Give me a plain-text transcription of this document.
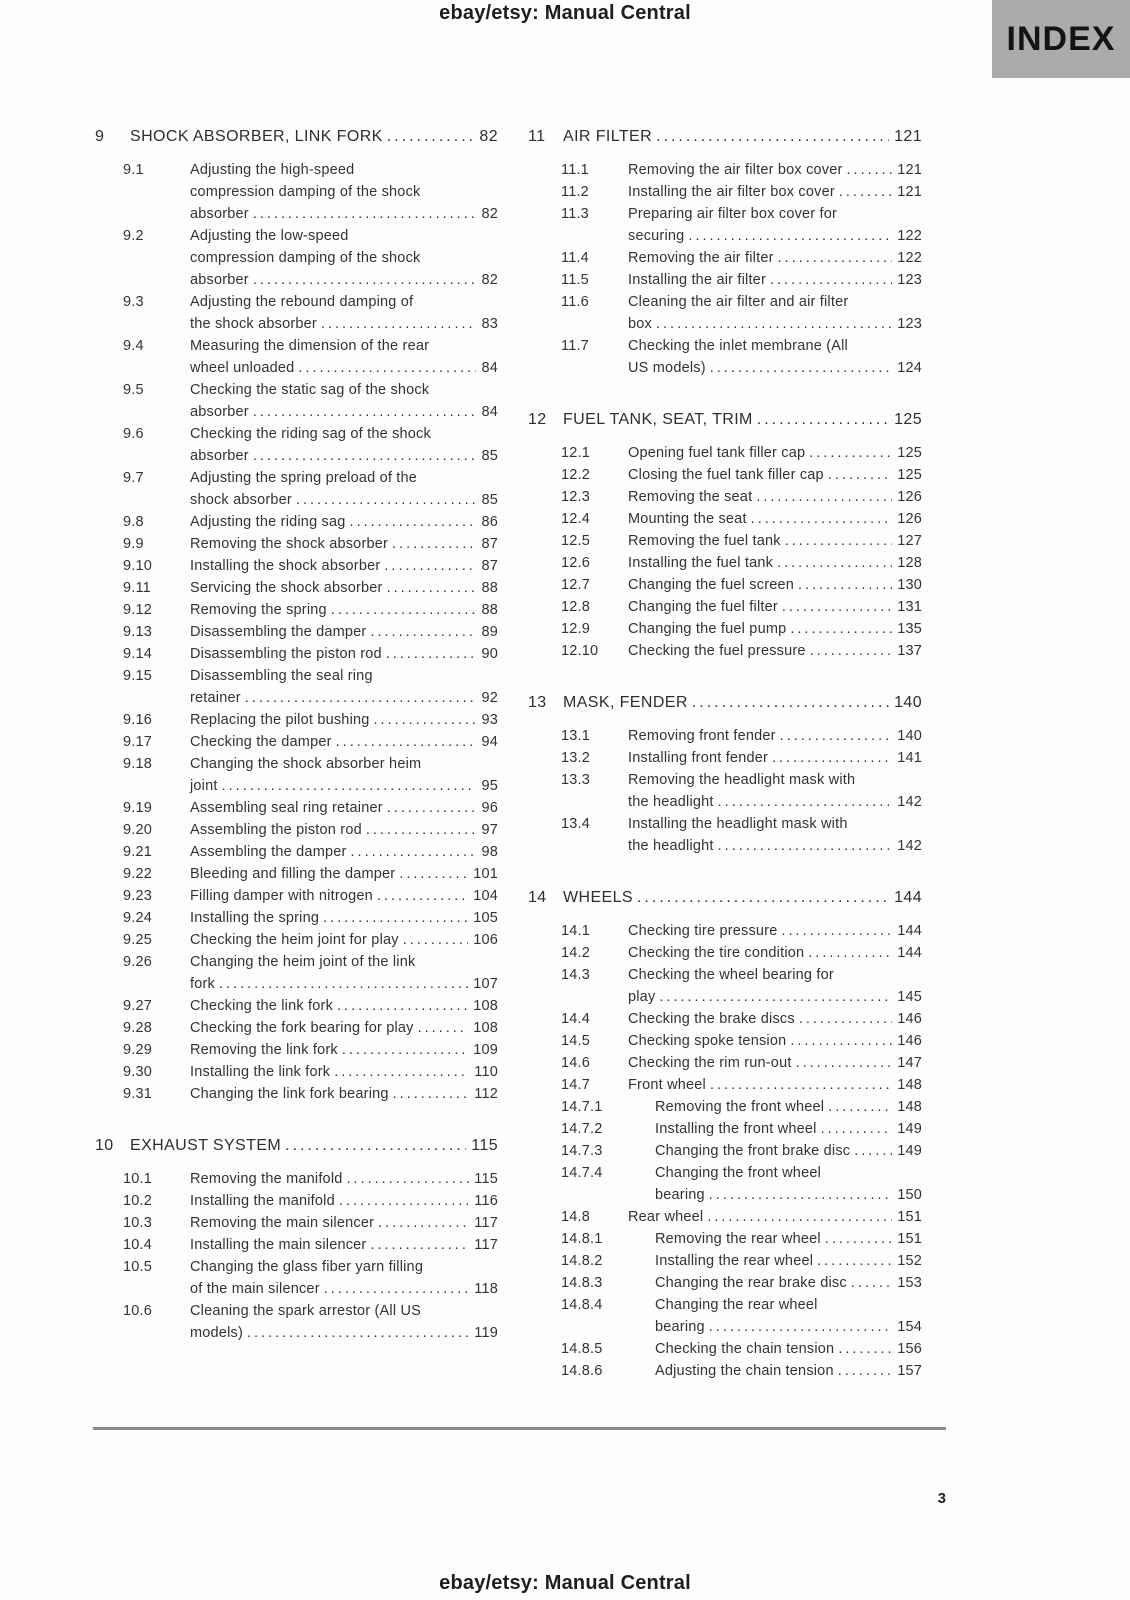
ebay/etsy: Manual Central
INDEX
9	SHOCK ABSORBER, LINK FORK .....	82
9.1	Adjusting the high-speed
compression damping of the shock
absorber .....	82
9.2	Adjusting the low-speed
compression damping of the shock
absorber .....	82
9.3	Adjusting the rebound damping of
the shock absorber .....	83
9.4	Measuring the dimension of the rear
wheel unloaded .....	84
9.5	Checking the static sag of the shock
absorber .....	84
9.6	Checking the riding sag of the shock
absorber .....	85
9.7	Adjusting the spring preload of the
shock absorber .....	85
9.8	Adjusting the riding sag .....	86
9.9	Removing the shock absorber .....	87
9.10	Installing the shock absorber .....	87
9.11	Servicing the shock absorber .....	88
9.12	Removing the spring .....	88
9.13	Disassembling the damper .....	89
9.14	Disassembling the piston rod .....	90
9.15	Disassembling the seal ring
retainer .....	92
9.16	Replacing the pilot bushing .....	93
9.17	Checking the damper .....	94
9.18	Changing the shock absorber heim
joint .....	95
9.19	Assembling seal ring retainer .....	96
9.20	Assembling the piston rod .....	97
9.21	Assembling the damper .....	98
9.22	Bleeding and filling the damper .....	101
9.23	Filling damper with nitrogen .....	104
9.24	Installing the spring .....	105
9.25	Checking the heim joint for play .....	106
9.26	Changing the heim joint of the link
fork .....	107
9.27	Checking the link fork .....	108
9.28	Checking the fork bearing for play .....	108
9.29	Removing the link fork .....	109
9.30	Installing the link fork .....	110
9.31	Changing the link fork bearing .....	112
10	EXHAUST SYSTEM .....	115
10.1	Removing the manifold .....	115
10.2	Installing the manifold .....	116
10.3	Removing the main silencer .....	117
10.4	Installing the main silencer .....	117
10.5	Changing the glass fiber yarn filling
of the main silencer .....	118
10.6	Cleaning the spark arrestor (All US
models) .....	119
11	AIR FILTER .....	121
11.1	Removing the air filter box cover .....	121
11.2	Installing the air filter box cover .....	121
11.3	Preparing air filter box cover for
securing .....	122
11.4	Removing the air filter .....	122
11.5	Installing the air filter .....	123
11.6	Cleaning the air filter and air filter
box .....	123
11.7	Checking the inlet membrane (All
US models) .....	124
12	FUEL TANK, SEAT, TRIM .....	125
12.1	Opening fuel tank filler cap .....	125
12.2	Closing the fuel tank filler cap .....	125
12.3	Removing the seat .....	126
12.4	Mounting the seat .....	126
12.5	Removing the fuel tank .....	127
12.6	Installing the fuel tank .....	128
12.7	Changing the fuel screen .....	130
12.8	Changing the fuel filter .....	131
12.9	Changing the fuel pump .....	135
12.10	Checking the fuel pressure .....	137
13	MASK, FENDER .....	140
13.1	Removing front fender .....	140
13.2	Installing front fender .....	141
13.3	Removing the headlight mask with
the headlight .....	142
13.4	Installing the headlight mask with
the headlight .....	142
14	WHEELS .....	144
14.1	Checking tire pressure .....	144
14.2	Checking the tire condition .....	144
14.3	Checking the wheel bearing for
play .....	145
14.4	Checking the brake discs .....	146
14.5	Checking spoke tension .....	146
14.6	Checking the rim run-out .....	147
14.7	Front wheel .....	148
14.7.1	Removing the front wheel .....	148
14.7.2	Installing the front wheel .....	149
14.7.3	Changing the front brake disc .....	149
14.7.4	Changing the front wheel
bearing .....	150
14.8	Rear wheel .....	151
14.8.1	Removing the rear wheel .....	151
14.8.2	Installing the rear wheel .....	152
14.8.3	Changing the rear brake disc .....	153
14.8.4	Changing the rear wheel
bearing .....	154
14.8.5	Checking the chain tension .....	156
14.8.6	Adjusting the chain tension .....	157
3
ebay/etsy: Manual Central
